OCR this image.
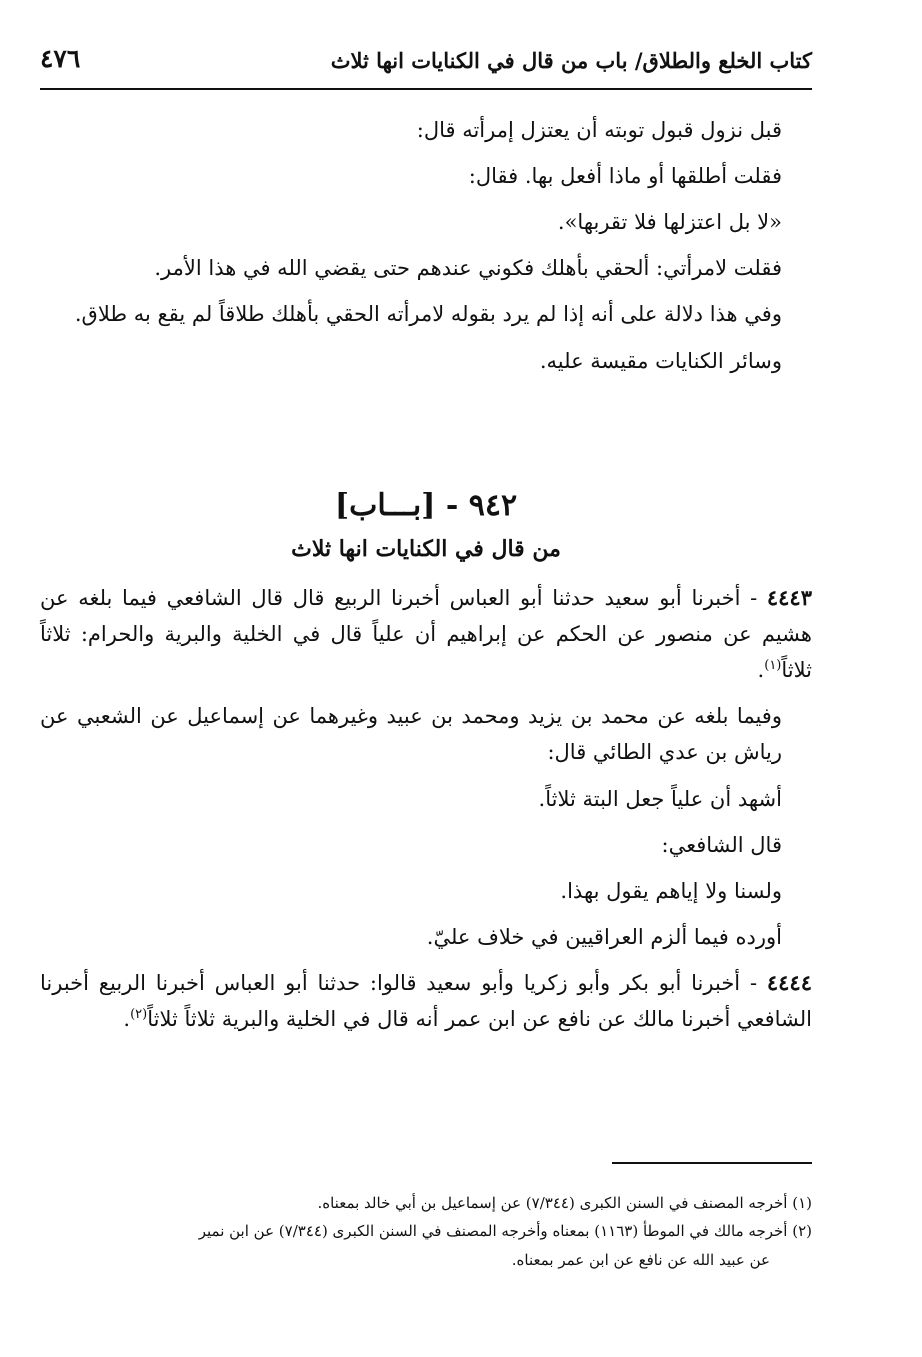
كتاب الخلع والطلاق/ باب من قال في الكنايات انها ثلاث
٤٧٦

قبل نزول قبول توبته أن يعتزل إمرأته قال:

فقلت أطلقها أو ماذا أفعل بها. فقال:

«لا بل اعتزلها فلا تقربها».

فقلت لامرأتي: ألحقي بأهلك فكوني عندهم حتى يقضي الله في هذا الأمر.

وفي هذا دلالة على أنه إذا لم يرد بقوله لامرأته الحقي بأهلك طلاقاً لم يقع به طلاق.

وسائر الكنايات مقيسة عليه.

٩٤٢ - [بـــاب]
من قال في الكنايات انها ثلاث

٤٤٤٣ - أخبرنا أبو سعيد حدثنا أبو العباس أخبرنا الربيع قال قال الشافعي فيما بلغه عن هشيم عن منصور عن الحكم عن إبراهيم أن علياً قال في الخلية والبرية والحرام: ثلاثاً ثلاثاً$^{(١)}$.

وفيما بلغه عن محمد بن يزيد ومحمد بن عبيد وغيرهما عن إسماعيل عن الشعبي عن رياش بن عدي الطائي قال:

أشهد أن علياً جعل البتة ثلاثاً.

قال الشافعي:

ولسنا ولا إياهم يقول بهذا.

أورده فيما ألزم العراقيين في خلاف عليّ.

٤٤٤٤ - أخبرنا أبو بكر وأبو زكريا وأبو سعيد قالوا: حدثنا أبو العباس أخبرنا الربيع أخبرنا الشافعي أخبرنا مالك عن نافع عن ابن عمر أنه قال في الخلية والبرية ثلاثاً ثلاثاً$^{(٢)}$.

(١) أخرجه المصنف في السنن الكبرى (٧/٣٤٤) عن إسماعيل بن أبي خالد بمعناه.

(٢) أخرجه مالك في الموطأ (١١٦٣) بمعناه وأخرجه المصنف في السنن الكبرى (٧/٣٤٤) عن ابن نمير

عن عبيد الله عن نافع عن ابن عمر بمعناه.
